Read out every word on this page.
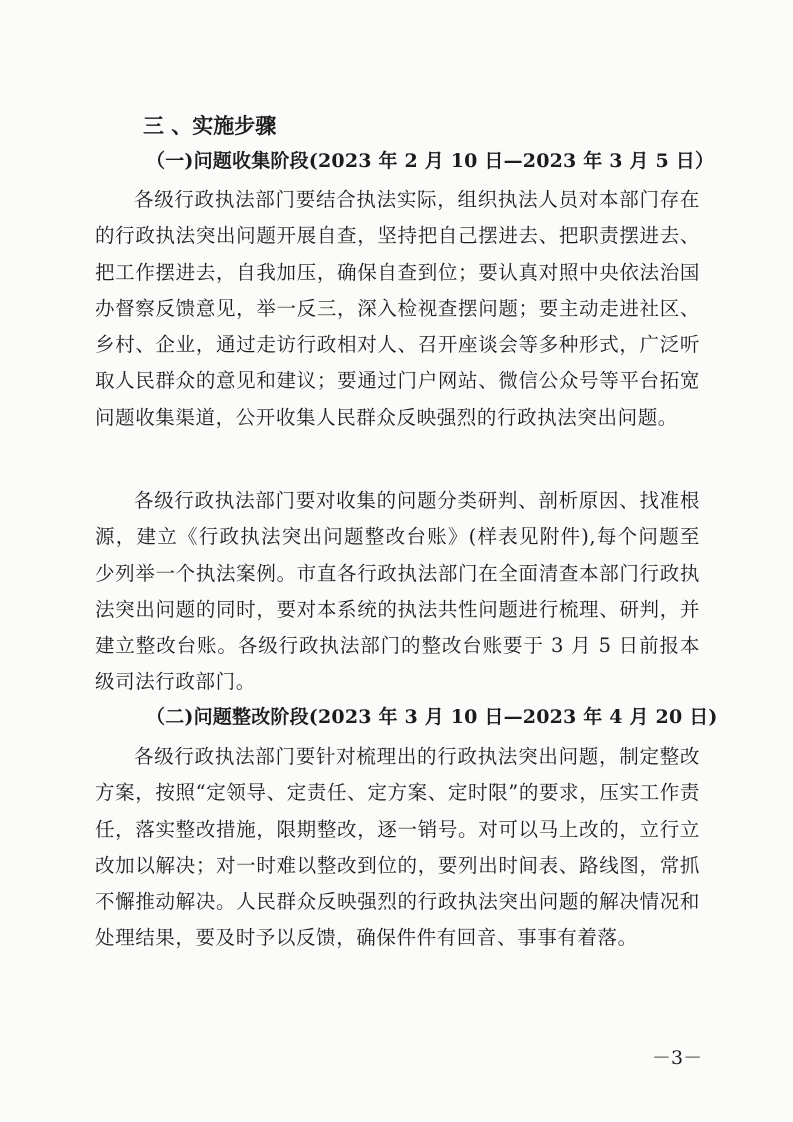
三 、实施步骤
（一)问题收集阶段(2023 年 2 月 10 日—2023 年 3 月 5 日）

各级行政执法部门要结合执法实际，组织执法人员对本部门存在的行政执法突出问题开展自查，坚持把自己摆进去、把职责摆进去、把工作摆进去，自我加压，确保自查到位；要认真对照中央依法治国办督察反馈意见，举一反三，深入检视查摆问题；要主动走进社区、乡村、企业，通过走访行政相对人、召开座谈会等多种形式，广泛听取人民群众的意见和建议；要通过门户网站、微信公众号等平台拓宽问题收集渠道，公开收集人民群众反映强烈的行政执法突出问题。

各级行政执法部门要对收集的问题分类研判、剖析原因、找准根源，建立《行政执法突出问题整改台账》(样表见附件),每个问题至少列举一个执法案例。市直各行政执法部门在全面清查本部门行政执法突出问题的同时，要对本系统的执法共性问题进行梳理、研判，并建立整改台账。各级行政执法部门的整改台账要于 3 月 5 日前报本级司法行政部门。

（二)问题整改阶段(2023 年 3 月 10 日—2023 年 4 月 20 日)

各级行政执法部门要针对梳理出的行政执法突出问题，制定整改方案，按照“定领导、定责任、定方案、定时限”的要求，压实工作责任，落实整改措施，限期整改，逐一销号。对可以马上改的，立行立改加以解决；对一时难以整改到位的，要列出时间表、路线图，常抓不懈推动解决。人民群众反映强烈的行政执法突出问题的解决情况和处理结果，要及时予以反馈，确保件件有回音、事事有着落。

－3－
